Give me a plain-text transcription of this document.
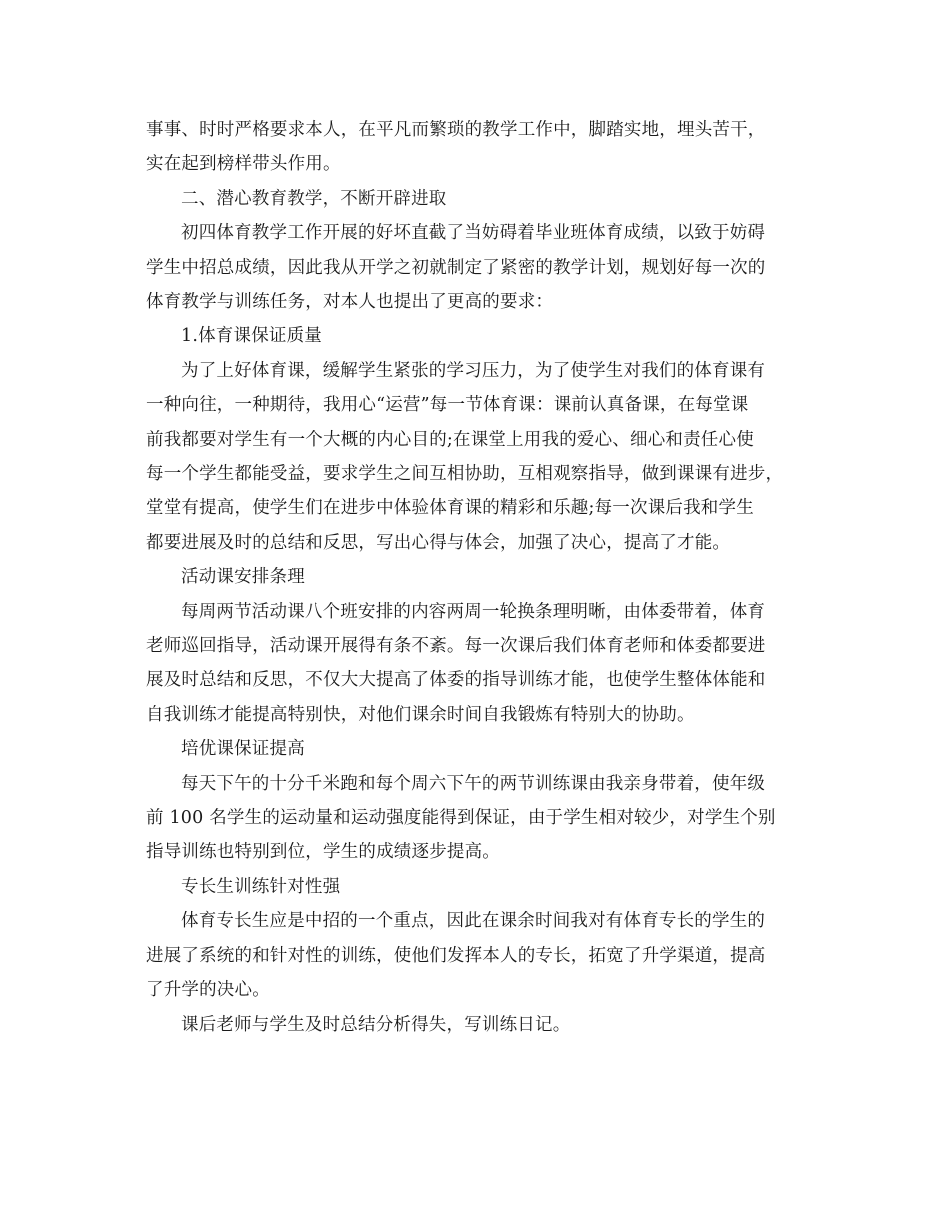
事事、时时严格要求本人，在平凡而繁琐的教学工作中，脚踏实地，埋头苦干，
实在起到榜样带头作用。
二、潜心教育教学，不断开辟进取
初四体育教学工作开展的好坏直截了当妨碍着毕业班体育成绩，以致于妨碍
学生中招总成绩，因此我从开学之初就制定了紧密的教学计划，规划好每一次的
体育教学与训练任务，对本人也提出了更高的要求：
1.体育课保证质量
为了上好体育课，缓解学生紧张的学习压力，为了使学生对我们的体育课有
一种向往，一种期待，我用心“运营”每一节体育课：课前认真备课，在每堂课
前我都要对学生有一个大概的内心目的;在课堂上用我的爱心、细心和责任心使
每一个学生都能受益，要求学生之间互相协助，互相观察指导，做到课课有进步，
堂堂有提高，使学生们在进步中体验体育课的精彩和乐趣;每一次课后我和学生
都要进展及时的总结和反思，写出心得与体会，加强了决心，提高了才能。
活动课安排条理
每周两节活动课八个班安排的内容两周一轮换条理明晰，由体委带着，体育
老师巡回指导，活动课开展得有条不紊。每一次课后我们体育老师和体委都要进
展及时总结和反思，不仅大大提高了体委的指导训练才能，也使学生整体体能和
自我训练才能提高特别快，对他们课余时间自我锻炼有特别大的协助。
培优课保证提高
每天下午的十分千米跑和每个周六下午的两节训练课由我亲身带着，使年级
前 100 名学生的运动量和运动强度能得到保证，由于学生相对较少，对学生个别
指导训练也特别到位，学生的成绩逐步提高。
专长生训练针对性强
体育专长生应是中招的一个重点，因此在课余时间我对有体育专长的学生的
进展了系统的和针对性的训练，使他们发挥本人的专长，拓宽了升学渠道，提高
了升学的决心。
课后老师与学生及时总结分析得失，写训练日记。
